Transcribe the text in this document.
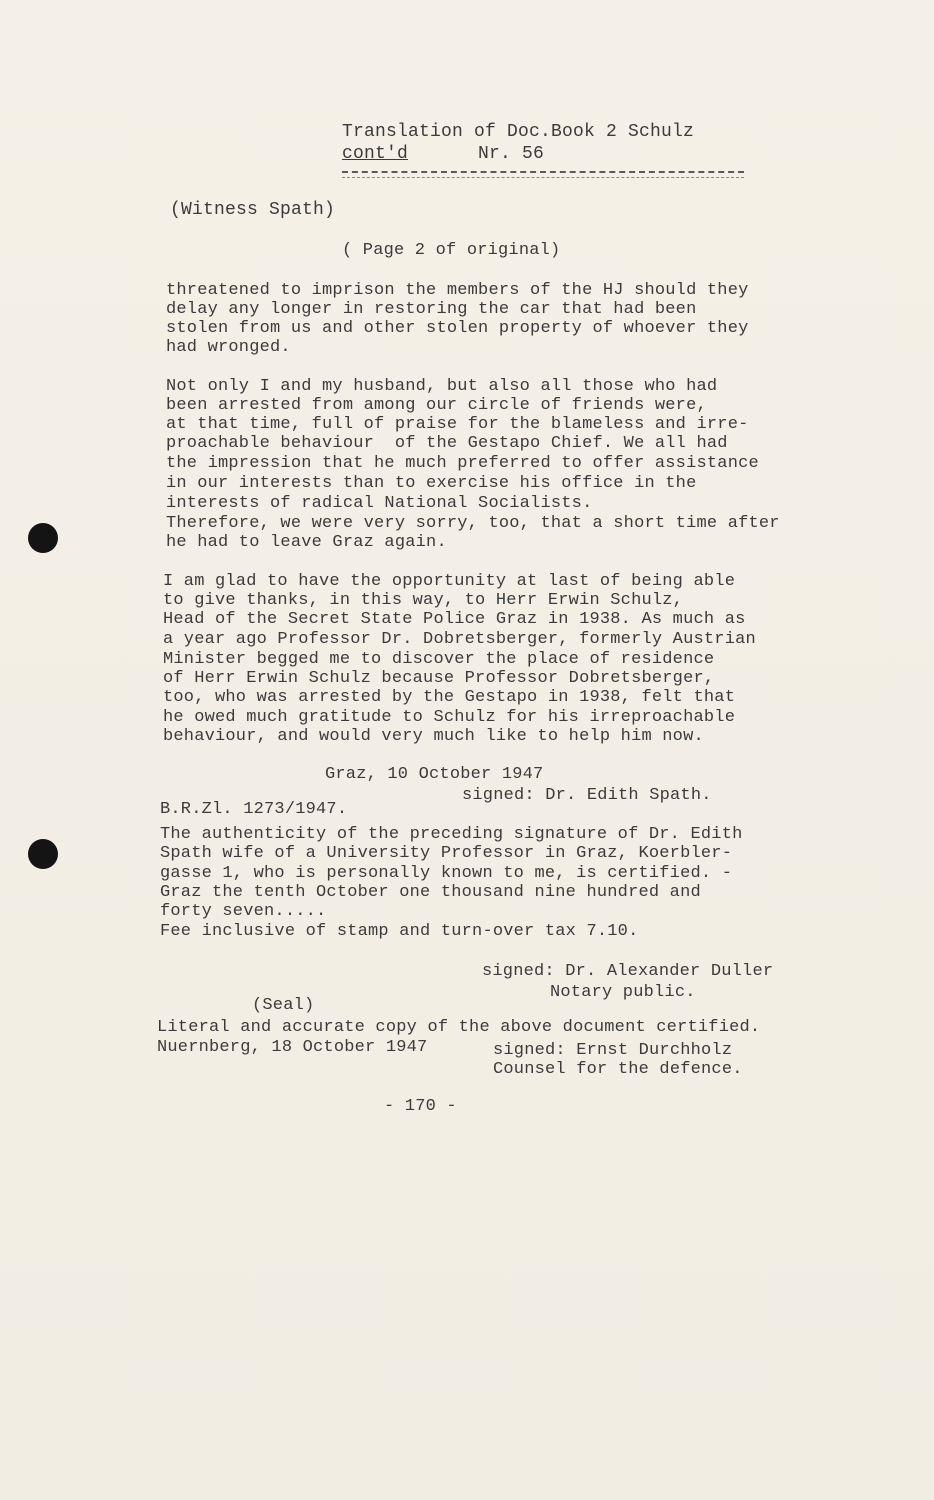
Translation of Doc.Book 2 Schulz
cont'd	Nr. 56
(Witness Spath)
( Page 2 of original)
threatened to imprison the members of the HJ should they
delay any longer in restoring the car that had been
stolen from us and other stolen property of whoever they
had wronged.
Not only I and my husband, but also all those who had
been arrested from among our circle of friends were,
at that time, full of praise for the blameless and irre-
proachable behaviour  of the Gestapo Chief. We all had
the impression that he much preferred to offer assistance
in our interests than to exercise his office in the
interests of radical National Socialists.
Therefore, we were very sorry, too, that a short time after
he had to leave Graz again.
I am glad to have the opportunity at last of being able
to give thanks, in this way, to Herr Erwin Schulz,
Head of the Secret State Police Graz in 1938. As much as
a year ago Professor Dr. Dobretsberger, formerly Austrian
Minister begged me to discover the place of residence
of Herr Erwin Schulz because Professor Dobretsberger,
too, who was arrested by the Gestapo in 1938, felt that
he owed much gratitude to Schulz for his irreproachable
behaviour, and would very much like to help him now.
Graz, 10 October 1947
signed: Dr. Edith Spath.
B.R.Zl. 1273/1947.
The authenticity of the preceding signature of Dr. Edith
Spath wife of a University Professor in Graz, Koerbler-
gasse 1, who is personally known to me, is certified. -
Graz the tenth October one thousand nine hundred and
forty seven.....
Fee inclusive of stamp and turn-over tax 7.10.
signed: Dr. Alexander Duller
Notary public.
(Seal)
Literal and accurate copy of the above document certified.
Nuernberg, 18 October 1947	signed: Ernst Durchholz
Counsel for the defence.
- 170 -
